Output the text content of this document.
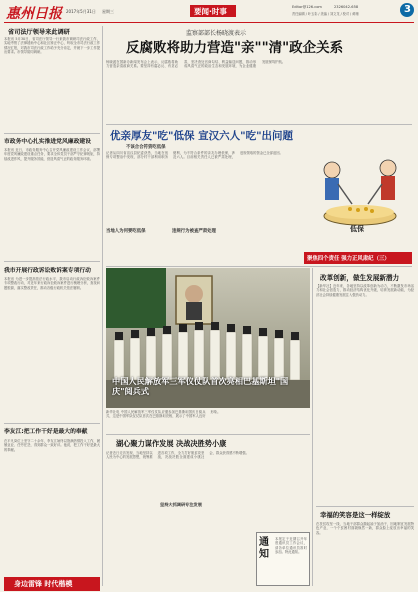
惠州日报 2017年5月31日 星期三	要闻·时事	Editor@126.com	2326042-658
责任编辑 / 叶玉彩 / 美编 / 刘文龙 / 校对 / 黄珊	3
省司法厅领导来此调研
本报讯 5月30日，省司法厅领导一行来我市调研司法行政工作，实地考察了法律援助中心和社区矫正中心，听取全市司法行政工作情况汇报，对我市司法行政工作给予充分肯定，并就下一步工作提出要求。市领导陪同调研。
市政务中心扎实推进党风廉政建设
本报讯 近日，市政务服务中心召开党风廉政建设工作会议，部署年度党风廉政建设重点任务，要求全体党员干部严守纪律规矩，持续改进作风，提升服务效能，营造风清气正的政务服务环境。
我市开展行政诉讼败诉案专项行动
本报讯 为进一步提高依法行政水平，我市启动行政诉讼败诉案件专项整改行动，对近年来行政诉讼败诉案件进行梳理分析，查找问题根源，落实整改责任，推动各级行政机关依法履职。
李友江:把工作干好是最大的奉献
在平凡岗位上坚守二十余年，李友江始终以饱满热情投入工作，兢兢业业、任劳任怨，得到群众一致好评。他说，把工作干好是最大的奉献。
身边雷锋 时代楷模
监察部部长杨晓渡表示
反腐败将助力营造"亲""清"政企关系
杨晓渡在国新办新闻发布会上表示，反腐败将助力营造亲清政商关系。要坚持有腐必反、有贪必肃，坚决查处官商勾结、利益输送问题，推动形成风清气正的政治生态和发展环境，为企业健康发展保驾护航。
优亲厚友"吃"低保 宣汉六人"吃"出问题
不该合合符资吃低保
记者从四川省宣汉县纪委获悉，当地在低保专项整治中发现，部分村干部利用职务便利，为不符合条件的亲友办理低保，涉及六人。目前相关责任人已被严肃处理，违规领取的资金已全部追回。
违规行为被查严肃处理
当地人为何要吃低保	低保
聚焦四个责任 强力正风肃纪（三）
中国人民解放军三军仪仗队首次亮相巴基斯坦"国庆"阅兵式
新华社电 中国人民解放军三军仪仗队应邀参加巴基斯坦国庆日阅兵式，这是中国军队仪仗队首次在巴基斯坦亮相，展示了中国军人良好形象。
改革创新，做生发展新潜力
【新华社】近年来，各地坚持以改革创新为动力，不断激发市场活力和社会创造力，推动经济结构优化升级，培育发展新动能，为经济社会持续健康发展注入强劲动力。
幸福的笑容是这一样绽放
在扶贫攻坚一线，当地干部群众撸起袖子加油干，因地制宜发展特色产业，一个个贫困村面貌焕然一新，群众脸上绽放出幸福的笑容。
湖心聚力谋作发展 决战决胜势小康
记者近日走访发现，当地坚持以人民为中心的发展思想，统筹推进各项工作，全力打好脱贫攻坚战，决战决胜全面建成小康社会，群众获得感不断增强。
坚持大抓调研专注发展
通知
本报定于近期召开年度通讯员工作会议，请各单位通讯员准时参加。特此通知。
